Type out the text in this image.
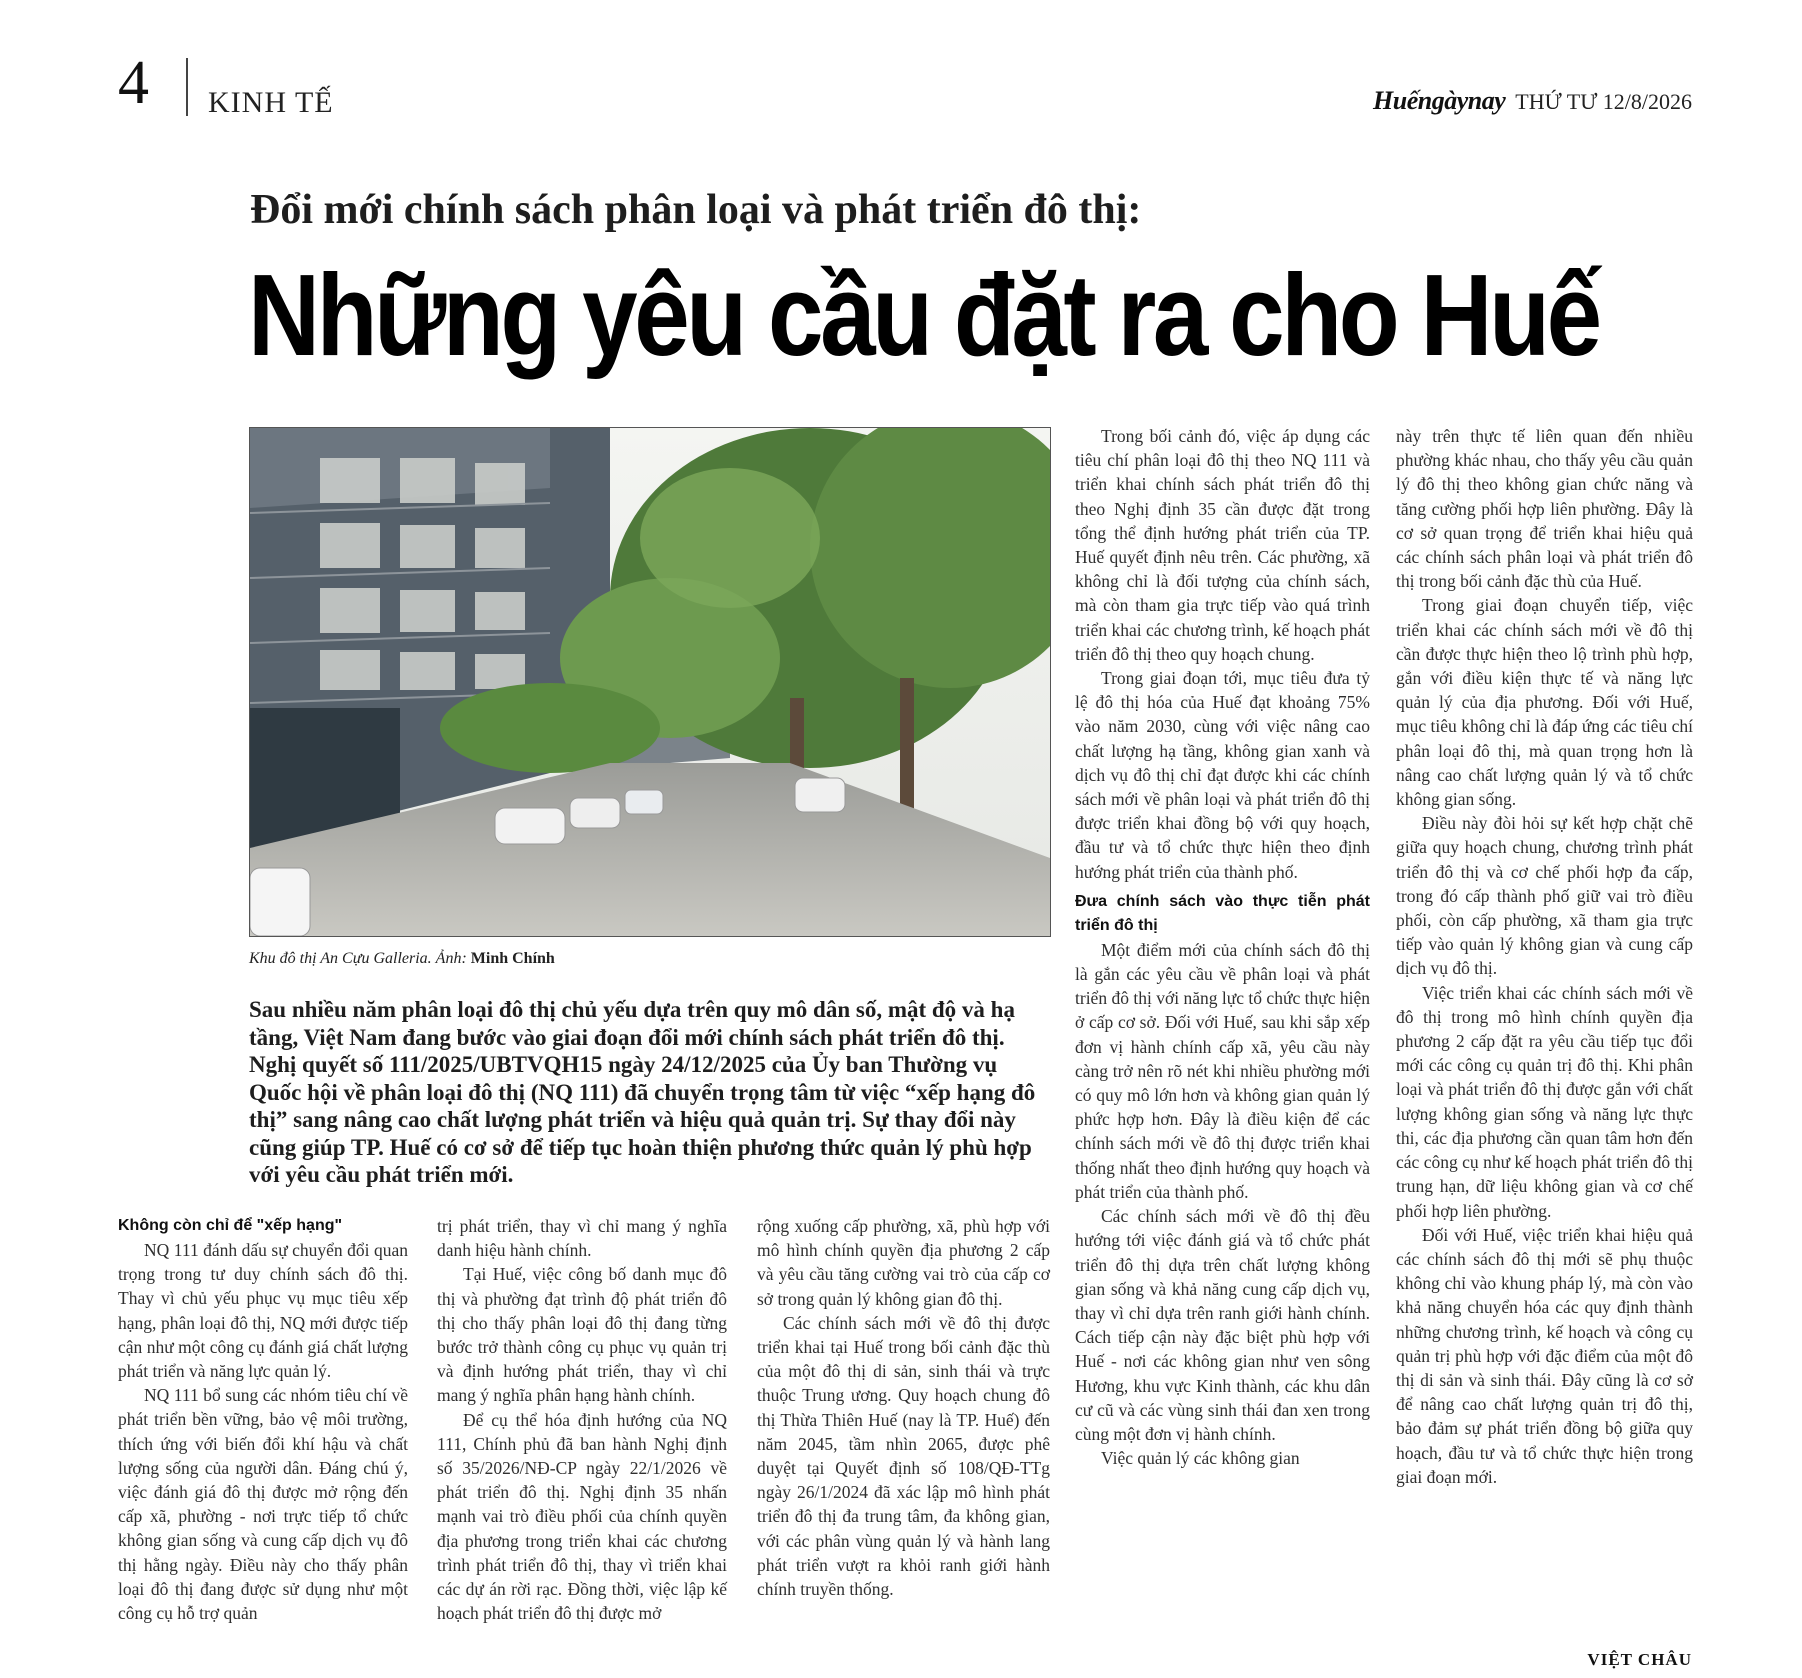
4 KINH TẾ	Huếngàynay THỨ TƯ 12/8/2026
Đổi mới chính sách phân loại và phát triển đô thị:
Những yêu cầu đặt ra cho Huế
Khu đô thị An Cựu Galleria. Ảnh: Minh Chính
Sau nhiều năm phân loại đô thị chủ yếu dựa trên quy mô dân số, mật độ và hạ tầng, Việt Nam đang bước vào giai đoạn đổi mới chính sách phát triển đô thị. Nghị quyết số 111/2025/UBTVQH15 ngày 24/12/2025 của Ủy ban Thường vụ Quốc hội về phân loại đô thị (NQ 111) đã chuyển trọng tâm từ việc “xếp hạng đô thị” sang nâng cao chất lượng phát triển và hiệu quả quản trị. Sự thay đổi này cũng giúp TP. Huế có cơ sở để tiếp tục hoàn thiện phương thức quản lý phù hợp với yêu cầu phát triển mới.

Không còn chỉ để "xếp hạng"

NQ 111 đánh dấu sự chuyển đổi quan trọng trong tư duy chính sách đô thị. Thay vì chủ yếu phục vụ mục tiêu xếp hạng, phân loại đô thị, NQ mới được tiếp cận như một công cụ đánh giá chất lượng phát triển và năng lực quản lý.

NQ 111 bổ sung các nhóm tiêu chí về phát triển bền vững, bảo vệ môi trường, thích ứng với biến đổi khí hậu và chất lượng sống của người dân. Đáng chú ý, việc đánh giá đô thị được mở rộng đến cấp xã, phường - nơi trực tiếp tổ chức không gian sống và cung cấp dịch vụ đô thị hằng ngày. Điều này cho thấy phân loại đô thị đang được sử dụng như một công cụ hỗ trợ quản

trị phát triển, thay vì chỉ mang ý nghĩa danh hiệu hành chính.

Tại Huế, việc công bố danh mục đô thị và phường đạt trình độ phát triển đô thị cho thấy phân loại đô thị đang từng bước trở thành công cụ phục vụ quản trị và định hướng phát triển, thay vì chỉ mang ý nghĩa phân hạng hành chính.

Để cụ thể hóa định hướng của NQ 111, Chính phủ đã ban hành Nghị định số 35/2026/NĐ-CP ngày 22/1/2026 về phát triển đô thị. Nghị định 35 nhấn mạnh vai trò điều phối của chính quyền địa phương trong triển khai các chương trình phát triển đô thị, thay vì triển khai các dự án rời rạc. Đồng thời, việc lập kế hoạch phát triển đô thị được mở

rộng xuống cấp phường, xã, phù hợp với mô hình chính quyền địa phương 2 cấp và yêu cầu tăng cường vai trò của cấp cơ sở trong quản lý không gian đô thị.

Các chính sách mới về đô thị được triển khai tại Huế trong bối cảnh đặc thù của một đô thị di sản, sinh thái và trực thuộc Trung ương. Quy hoạch chung đô thị Thừa Thiên Huế (nay là TP. Huế) đến năm 2045, tầm nhìn 2065, được phê duyệt tại Quyết định số 108/QĐ-TTg ngày 26/1/2024 đã xác lập mô hình phát triển đô thị đa trung tâm, đa không gian, với các phân vùng quản lý và hành lang phát triển vượt ra khỏi ranh giới hành chính truyền thống.

Trong bối cảnh đó, việc áp dụng các tiêu chí phân loại đô thị theo NQ 111 và triển khai chính sách phát triển đô thị theo Nghị định 35 cần được đặt trong tổng thể định hướng phát triển của TP. Huế quyết định nêu trên. Các phường, xã không chỉ là đối tượng của chính sách, mà còn tham gia trực tiếp vào quá trình triển khai các chương trình, kế hoạch phát triển đô thị theo quy hoạch chung.

Trong giai đoạn tới, mục tiêu đưa tỷ lệ đô thị hóa của Huế đạt khoảng 75% vào năm 2030, cùng với việc nâng cao chất lượng hạ tầng, không gian xanh và dịch vụ đô thị chỉ đạt được khi các chính sách mới về phân loại và phát triển đô thị được triển khai đồng bộ với quy hoạch, đầu tư và tổ chức thực hiện theo định hướng phát triển của thành phố.

Đưa chính sách vào thực tiễn phát triển đô thị

Một điểm mới của chính sách đô thị là gắn các yêu cầu về phân loại và phát triển đô thị với năng lực tổ chức thực hiện ở cấp cơ sở. Đối với Huế, sau khi sắp xếp đơn vị hành chính cấp xã, yêu cầu này càng trở nên rõ nét khi nhiều phường mới có quy mô lớn hơn và không gian quản lý phức hợp hơn. Đây là điều kiện để các chính sách mới về đô thị được triển khai thống nhất theo định hướng quy hoạch và phát triển của thành phố.

Các chính sách mới về đô thị đều hướng tới việc đánh giá và tổ chức phát triển đô thị dựa trên chất lượng không gian sống và khả năng cung cấp dịch vụ, thay vì chỉ dựa trên ranh giới hành chính. Cách tiếp cận này đặc biệt phù hợp với Huế - nơi các không gian như ven sông Hương, khu vực Kinh thành, các khu dân cư cũ và các vùng sinh thái đan xen trong cùng một đơn vị hành chính.

Việc quản lý các không gian

này trên thực tế liên quan đến nhiều phường khác nhau, cho thấy yêu cầu quản lý đô thị theo không gian chức năng và tăng cường phối hợp liên phường. Đây là cơ sở quan trọng để triển khai hiệu quả các chính sách phân loại và phát triển đô thị trong bối cảnh đặc thù của Huế.

Trong giai đoạn chuyển tiếp, việc triển khai các chính sách mới về đô thị cần được thực hiện theo lộ trình phù hợp, gắn với điều kiện thực tế và năng lực quản lý của địa phương. Đối với Huế, mục tiêu không chỉ là đáp ứng các tiêu chí phân loại đô thị, mà quan trọng hơn là nâng cao chất lượng quản lý và tổ chức không gian sống.

Điều này đòi hỏi sự kết hợp chặt chẽ giữa quy hoạch chung, chương trình phát triển đô thị và cơ chế phối hợp đa cấp, trong đó cấp thành phố giữ vai trò điều phối, còn cấp phường, xã tham gia trực tiếp vào quản lý không gian và cung cấp dịch vụ đô thị.

Việc triển khai các chính sách mới về đô thị trong mô hình chính quyền địa phương 2 cấp đặt ra yêu cầu tiếp tục đổi mới các công cụ quản trị đô thị. Khi phân loại và phát triển đô thị được gắn với chất lượng không gian sống và năng lực thực thi, các địa phương cần quan tâm hơn đến các công cụ như kế hoạch phát triển đô thị trung hạn, dữ liệu không gian và cơ chế phối hợp liên phường.

Đối với Huế, việc triển khai hiệu quả các chính sách đô thị mới sẽ phụ thuộc không chỉ vào khung pháp lý, mà còn vào khả năng chuyển hóa các quy định thành những chương trình, kế hoạch và công cụ quản trị phù hợp với đặc điểm của một đô thị di sản và sinh thái. Đây cũng là cơ sở để nâng cao chất lượng quản trị đô thị, bảo đảm sự phát triển đồng bộ giữa quy hoạch, đầu tư và tổ chức thực hiện trong giai đoạn mới.

VIỆT CHÂU
